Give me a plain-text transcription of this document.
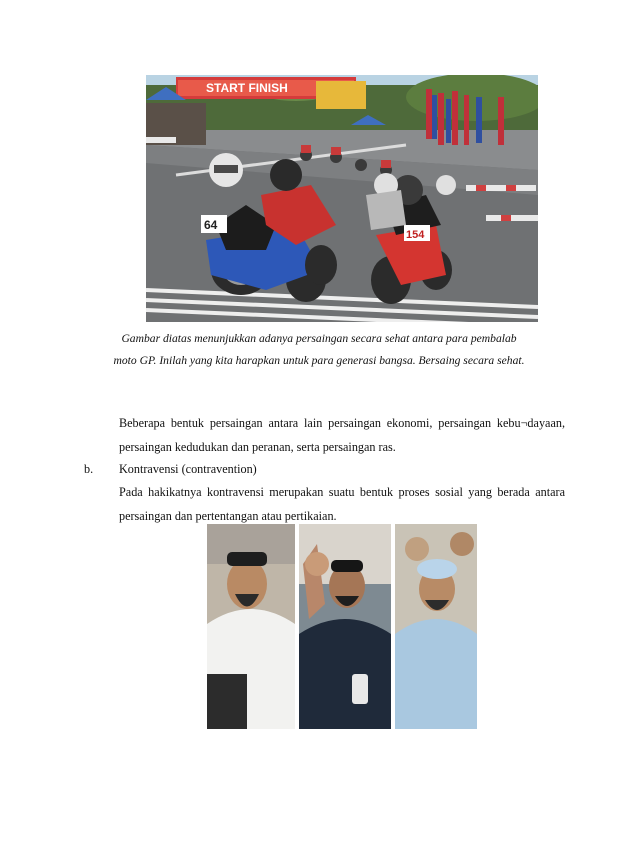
START FINISH
64
154
Gambar diatas menunjukkan adanya persaingan secara sehat antara para pembalab moto GP. Inilah yang kita harapkan untuk para generasi bangsa. Bersaing secara sehat.

Beberapa bentuk persaingan antara lain persaingan ekonomi, persaingan kebu¬dayaan,

persaingan kedudukan dan peranan, serta persaingan ras.

b. Kontravensi (contravention)

Pada hakikatnya kontravensi merupakan suatu bentuk proses sosial yang berada antara

persaingan dan pertentangan atau pertikaian.
